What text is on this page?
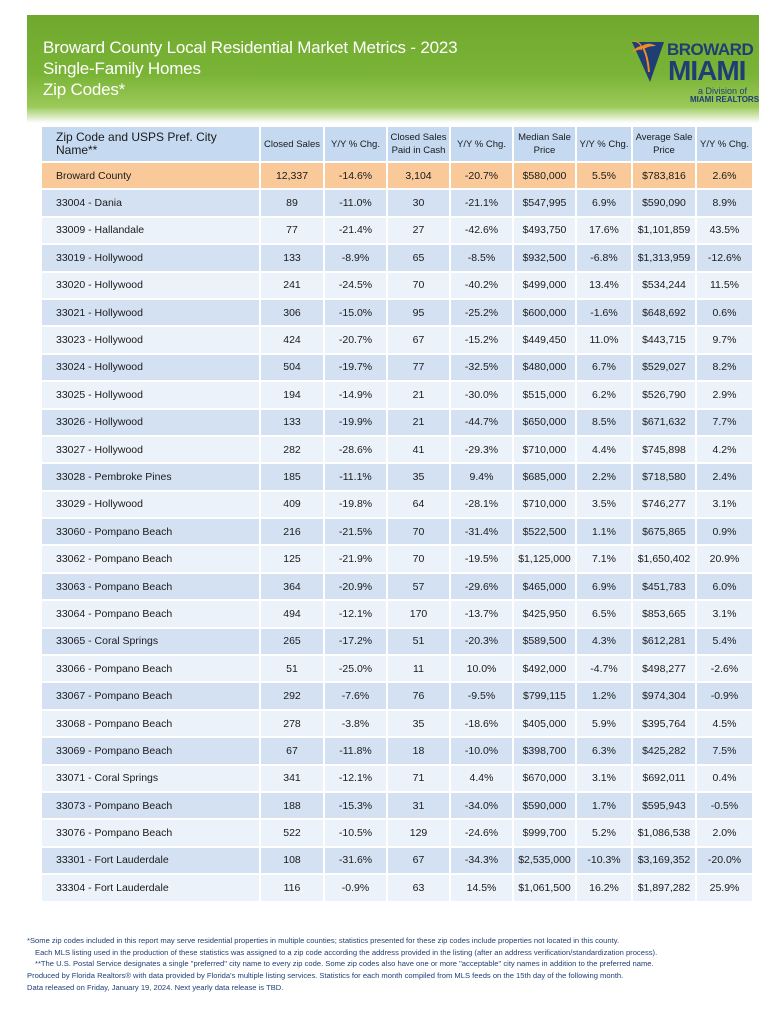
Broward County Local Residential Market Metrics - 2023
Single-Family Homes
Zip Codes*
BROWARD
MIAMI
a Division of
MIAMI REALTORS
Zip Code and USPS Pref. City Name**	Closed Sales	Y/Y % Chg.	Closed Sales Paid in Cash	Y/Y % Chg.	Median Sale Price	Y/Y % Chg.	Average Sale Price	Y/Y % Chg.
Broward County	12,337	-14.6%	3,104	-20.7%	$580,000	5.5%	$783,816	2.6%
33004 - Dania	89	-11.0%	30	-21.1%	$547,995	6.9%	$590,090	8.9%
33009 - Hallandale	77	-21.4%	27	-42.6%	$493,750	17.6%	$1,101,859	43.5%
33019 - Hollywood	133	-8.9%	65	-8.5%	$932,500	-6.8%	$1,313,959	-12.6%
33020 - Hollywood	241	-24.5%	70	-40.2%	$499,000	13.4%	$534,244	11.5%
33021 - Hollywood	306	-15.0%	95	-25.2%	$600,000	-1.6%	$648,692	0.6%
33023 - Hollywood	424	-20.7%	67	-15.2%	$449,450	11.0%	$443,715	9.7%
33024 - Hollywood	504	-19.7%	77	-32.5%	$480,000	6.7%	$529,027	8.2%
33025 - Hollywood	194	-14.9%	21	-30.0%	$515,000	6.2%	$526,790	2.9%
33026 - Hollywood	133	-19.9%	21	-44.7%	$650,000	8.5%	$671,632	7.7%
33027 - Hollywood	282	-28.6%	41	-29.3%	$710,000	4.4%	$745,898	4.2%
33028 - Pembroke Pines	185	-11.1%	35	9.4%	$685,000	2.2%	$718,580	2.4%
33029 - Hollywood	409	-19.8%	64	-28.1%	$710,000	3.5%	$746,277	3.1%
33060 - Pompano Beach	216	-21.5%	70	-31.4%	$522,500	1.1%	$675,865	0.9%
33062 - Pompano Beach	125	-21.9%	70	-19.5%	$1,125,000	7.1%	$1,650,402	20.9%
33063 - Pompano Beach	364	-20.9%	57	-29.6%	$465,000	6.9%	$451,783	6.0%
33064 - Pompano Beach	494	-12.1%	170	-13.7%	$425,950	6.5%	$853,665	3.1%
33065 - Coral Springs	265	-17.2%	51	-20.3%	$589,500	4.3%	$612,281	5.4%
33066 - Pompano Beach	51	-25.0%	11	10.0%	$492,000	-4.7%	$498,277	-2.6%
33067 - Pompano Beach	292	-7.6%	76	-9.5%	$799,115	1.2%	$974,304	-0.9%
33068 - Pompano Beach	278	-3.8%	35	-18.6%	$405,000	5.9%	$395,764	4.5%
33069 - Pompano Beach	67	-11.8%	18	-10.0%	$398,700	6.3%	$425,282	7.5%
33071 - Coral Springs	341	-12.1%	71	4.4%	$670,000	3.1%	$692,011	0.4%
33073 - Pompano Beach	188	-15.3%	31	-34.0%	$590,000	1.7%	$595,943	-0.5%
33076 - Pompano Beach	522	-10.5%	129	-24.6%	$999,700	5.2%	$1,086,538	2.0%
33301 - Fort Lauderdale	108	-31.6%	67	-34.3%	$2,535,000	-10.3%	$3,169,352	-20.0%
33304 - Fort Lauderdale	116	-0.9%	63	14.5%	$1,061,500	16.2%	$1,897,282	25.9%
*Some zip codes included in this report may serve residential properties in multiple counties; statistics presented for these zip codes include properties not located in this county.
Each MLS listing used in the production of these statistics was assigned to a zip code according the address provided in the listing (after an address verification/standardization process).
**The U.S. Postal Service designates a single "preferred" city name to every zip code. Some zip codes also have one or more "acceptable" city names in addition to the preferred name.
Produced by Florida Realtors® with data provided by Florida's multiple listing services. Statistics for each month compiled from MLS feeds on the 15th day of the following month.
Data released on Friday, January 19, 2024. Next yearly data release is TBD.
